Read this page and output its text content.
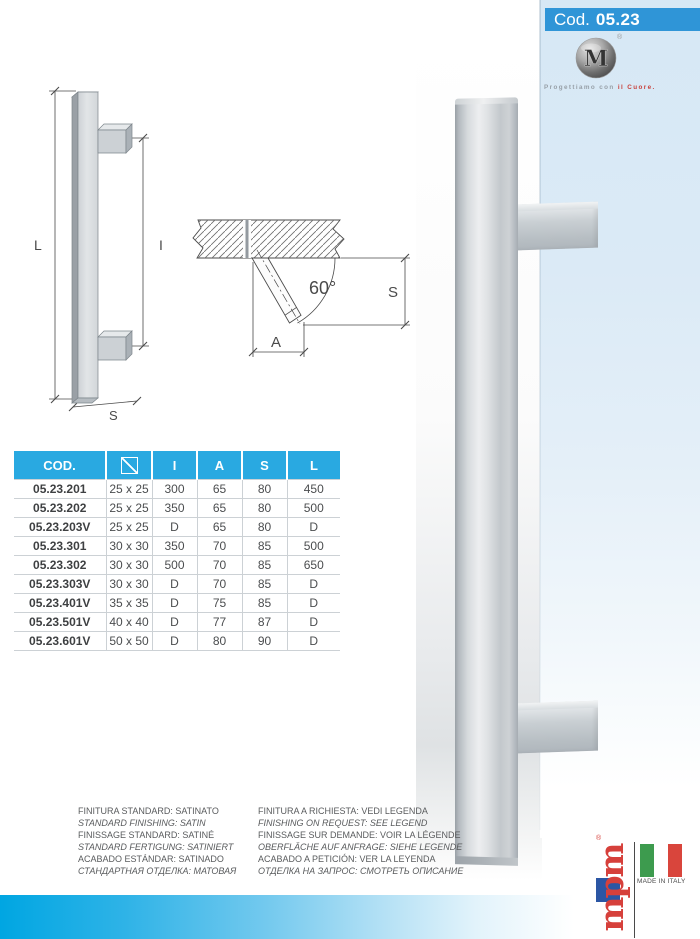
Cod. 05.23
M
®
Progettiamo con il Cuore.
L	I
S
60°	S
A
COD.		I	A	S	L
05.23.201	25 x 25	300	65	80	450
05.23.202	25 x 25	350	65	80	500
05.23.203V	25 x 25	D	65	80	D
05.23.301	30 x 30	350	70	85	500
05.23.302	30 x 30	500	70	85	650
05.23.303V	30 x 30	D	70	85	D
05.23.401V	35 x 35	D	75	85	D
05.23.501V	40 x 40	D	77	87	D
05.23.601V	50 x 50	D	80	90	D
FINITURA STANDARD: SATINATO
STANDARD FINISHING: SATIN
FINISSAGE STANDARD: SATINÉ
STANDARD FERTIGUNG: SATINIERT
ACABADO ESTÁNDAR: SATINADO
СТАНДАРТНАЯ ОТДЕЛКА: МАТОВАЯ
FINITURA A RICHIESTA: VEDI LEGENDA
FINISHING ON REQUEST: SEE LEGEND
FINISSAGE SUR DEMANDE: VOIR LA LÉGENDE
OBERFLÄCHE AUF ANFRAGE: SIEHE LEGENDE
ACABADO A PETICIÓN: VER LA LEYENDA
ОТДЕЛКА НА ЗАПРОС: СМОТРЕТЬ ОПИСАНИЕ
®
mpm MADE IN ITALY
